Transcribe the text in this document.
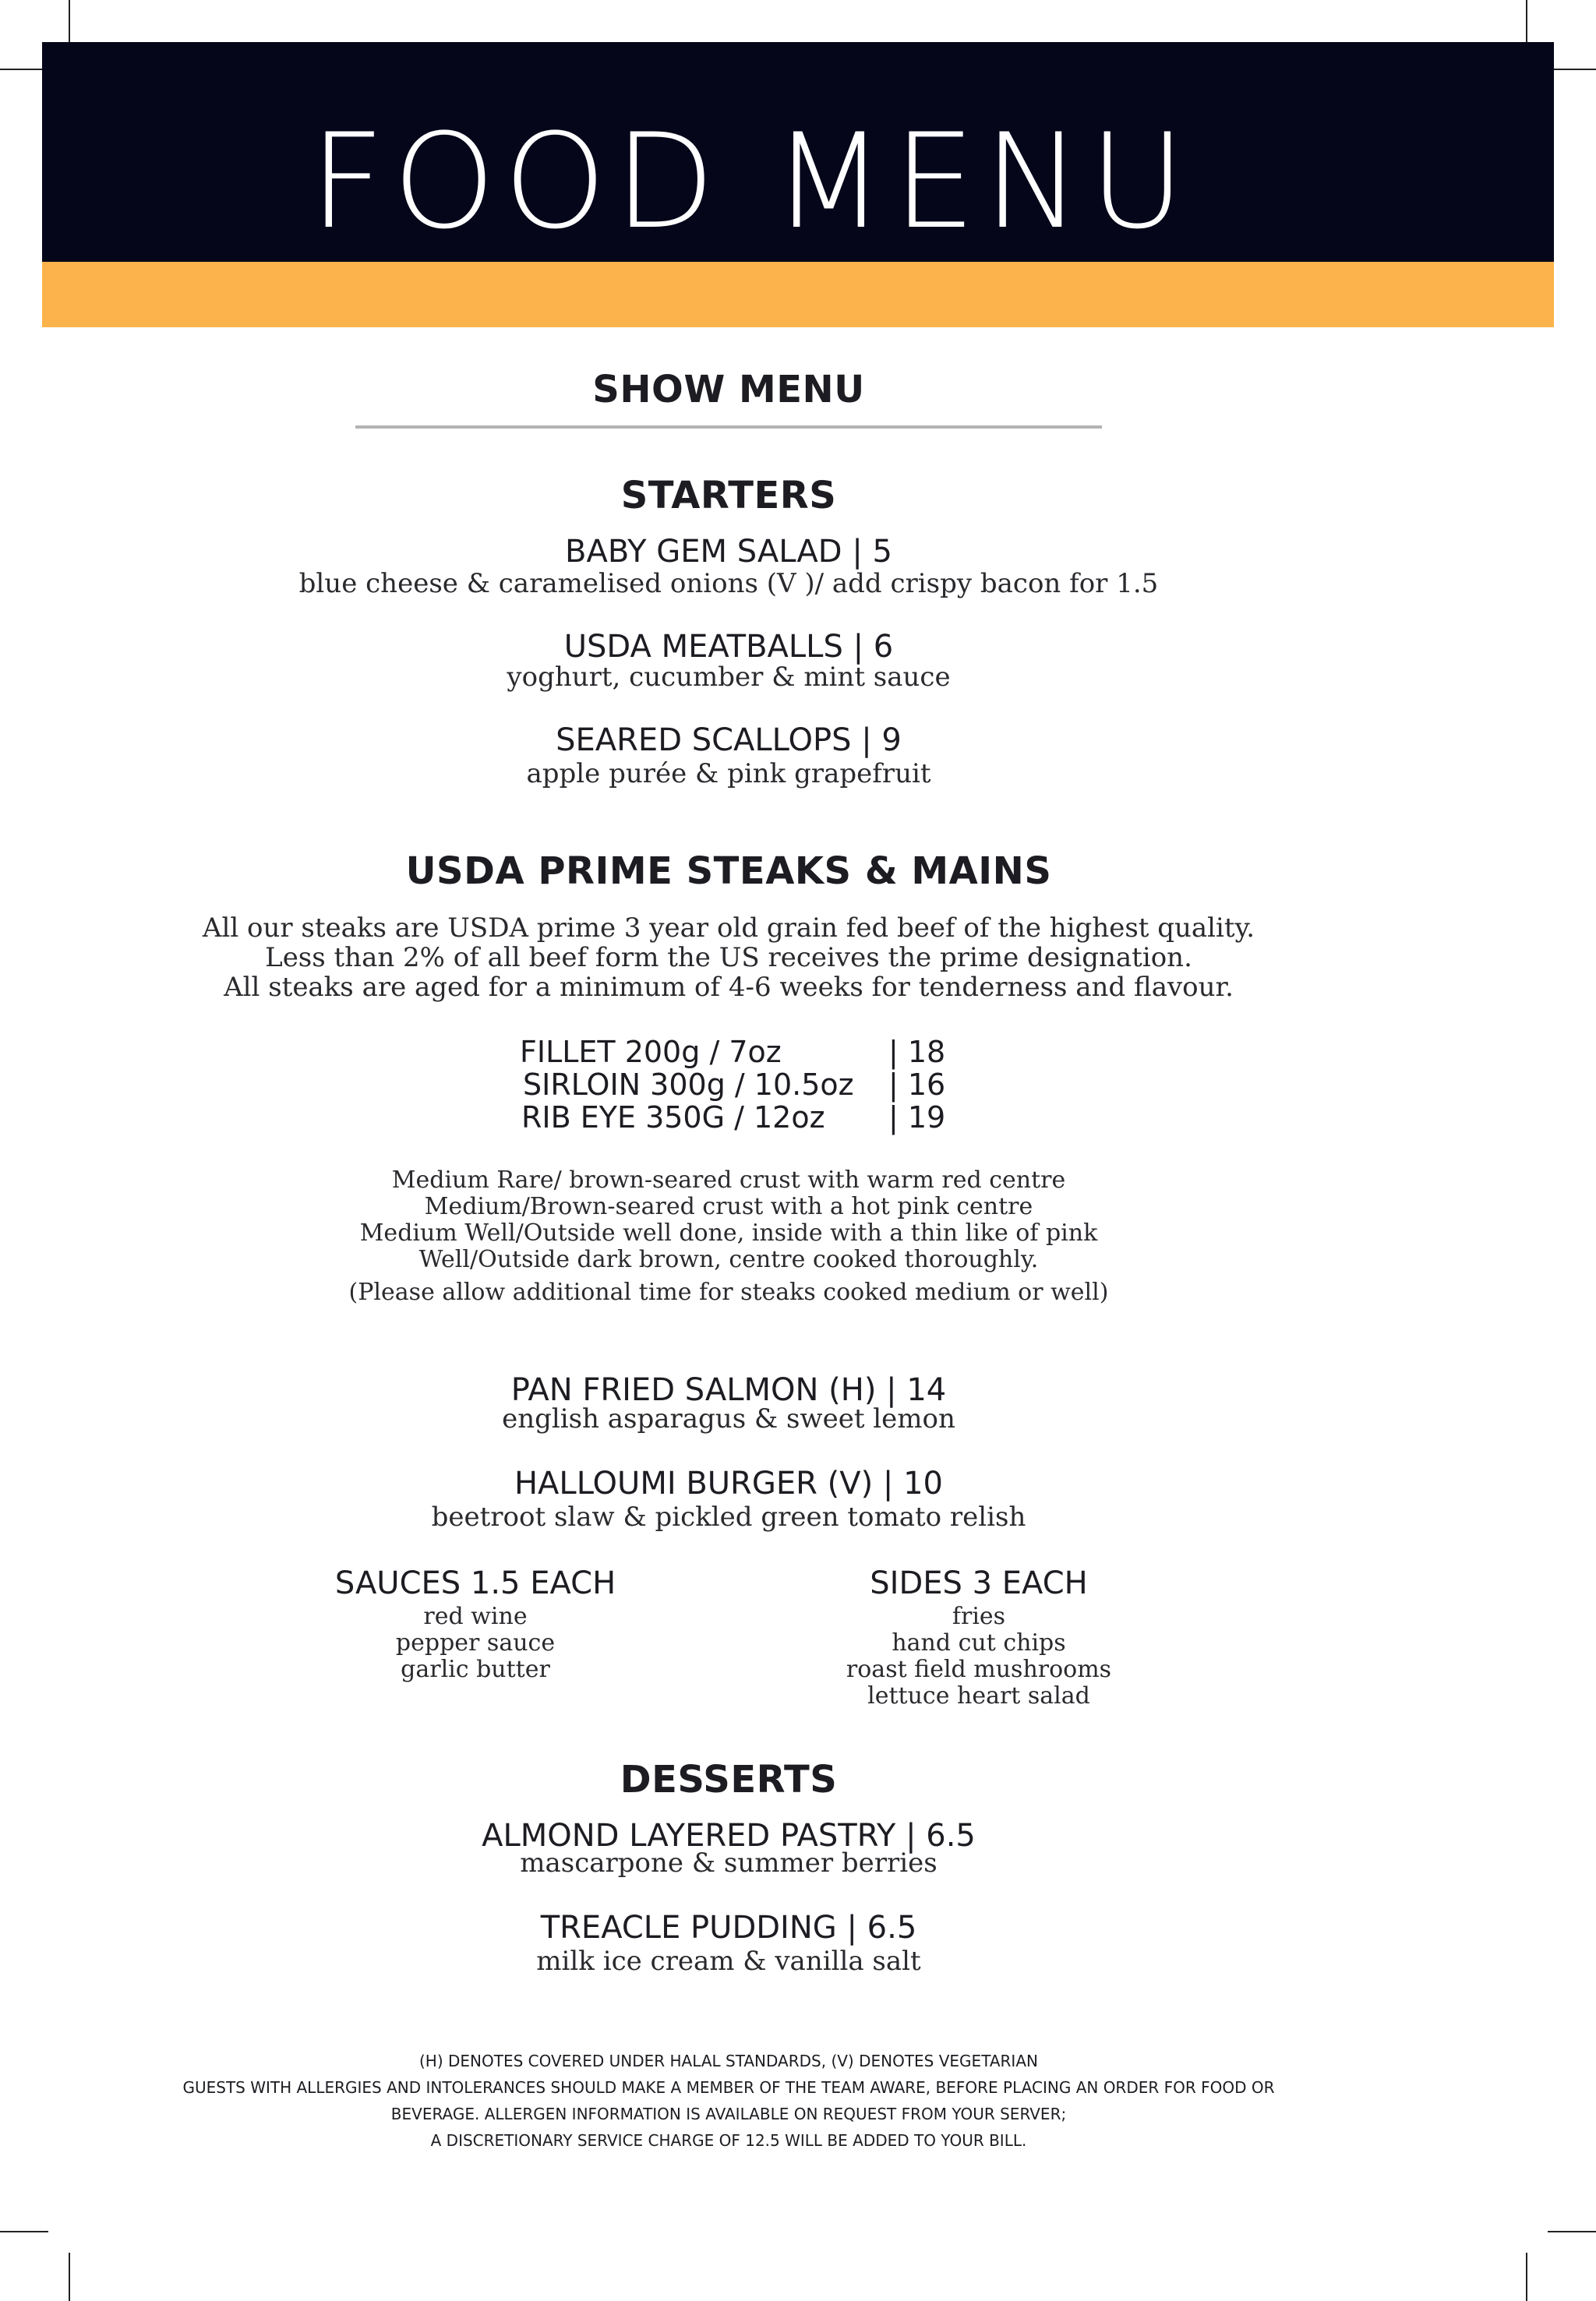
FOOD MENU
SHOW MENU
STARTERS
BABY GEM SALAD | 5
blue cheese & caramelised onions (V )/ add crispy bacon for 1.5
USDA MEATBALLS | 6
yoghurt, cucumber & mint sauce
SEARED SCALLOPS | 9
apple purée & pink grapefruit
USDA PRIME STEAKS & MAINS
All our steaks are USDA prime 3 year old grain fed beef of the highest quality.
Less than 2% of all beef form the US receives the prime designation.
All steaks are aged for a minimum of 4-6 weeks for tenderness and flavour.
FILLET 200g / 7oz	| 18
SIRLOIN 300g / 10.5oz | 16
RIB EYE 350G / 12oz | 19
Medium Rare/ brown-seared crust with warm red centre
Medium/Brown-seared crust with a hot pink centre
Medium Well/Outside well done, inside with a thin like of pink
Well/Outside dark brown, centre cooked thoroughly.
(Please allow additional time for steaks cooked medium or well)
PAN FRIED SALMON (H) | 14
english asparagus & sweet lemon
HALLOUMI BURGER (V) | 10
beetroot slaw & pickled green tomato relish
SAUCES 1.5 EACH
red wine
pepper sauce
garlic butter
SIDES 3 EACH
fries
hand cut chips
roast field mushrooms
lettuce heart salad
DESSERTS
ALMOND LAYERED PASTRY | 6.5
mascarpone & summer berries
TREACLE PUDDING | 6.5
milk ice cream & vanilla salt
(H) DENOTES COVERED UNDER HALAL STANDARDS, (V) DENOTES VEGETARIAN
GUESTS WITH ALLERGIES AND INTOLERANCES SHOULD MAKE A MEMBER OF THE TEAM AWARE, BEFORE PLACING AN ORDER FOR FOOD OR
BEVERAGE. ALLERGEN INFORMATION IS AVAILABLE ON REQUEST FROM YOUR SERVER;
A DISCRETIONARY SERVICE CHARGE OF 12.5 WILL BE ADDED TO YOUR BILL.
